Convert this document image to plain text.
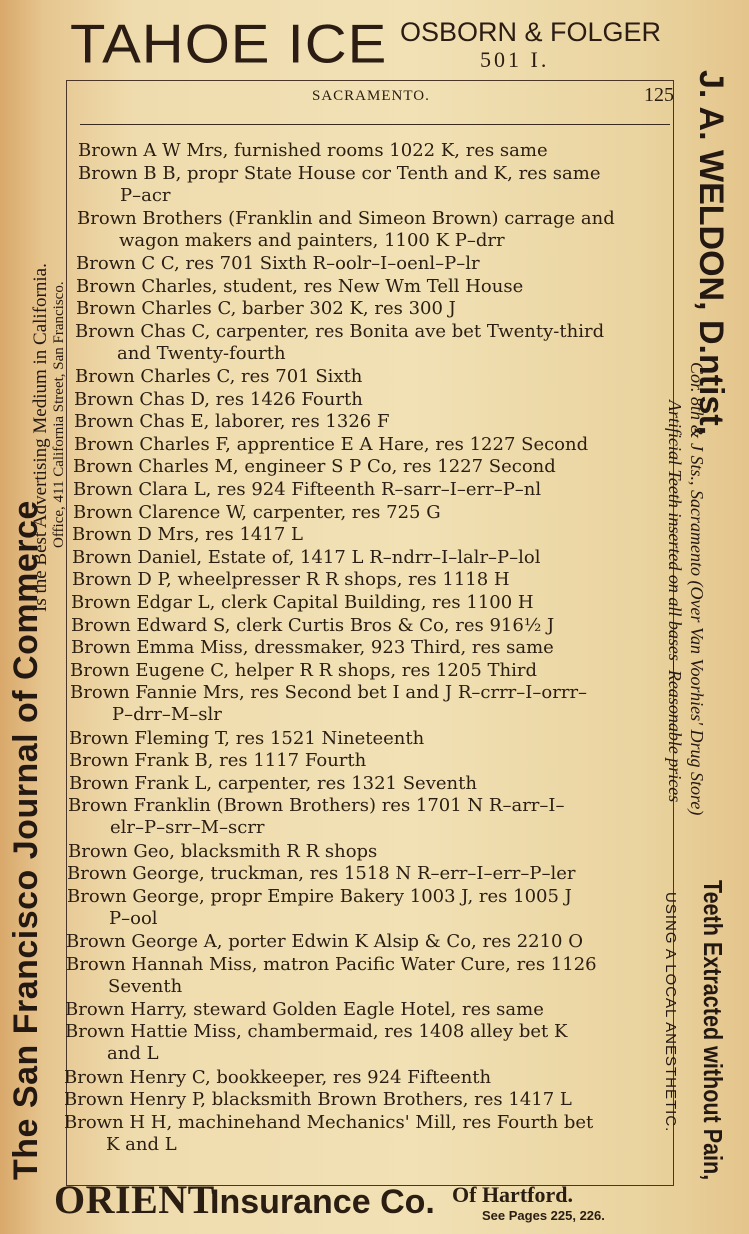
TAHOE ICE OSBORN & FOLGER
501 I.
SACRAMENTO.	125
Brown A W Mrs, furnished rooms 1022 K, res same
Brown B B, propr State House cor Tenth and K, res same
P–acr
Brown Brothers (Franklin and Simeon Brown) carrage and
wagon makers and painters, 1100 K P–drr
Brown C C, res 701 Sixth R–oolr–I–oenl–P–lr
Brown Charles, student, res New Wm Tell House
Brown Charles C, barber 302 K, res 300 J
Brown Chas C, carpenter, res Bonita ave bet Twenty-third
and Twenty-fourth
Brown Charles C, res 701 Sixth
Brown Chas D, res 1426 Fourth
Brown Chas E, laborer, res 1326 F
Brown Charles F, apprentice E A Hare, res 1227 Second
Brown Charles M, engineer S P Co, res 1227 Second
Brown Clara L, res 924 Fifteenth R–sarr–I–err–P–nl
Brown Clarence W, carpenter, res 725 G
Brown D Mrs, res 1417 L
Brown Daniel, Estate of, 1417 L R–ndrr–I–lalr–P–lol
Brown D P, wheelpresser R R shops, res 1118 H
Brown Edgar L, clerk Capital Building, res 1100 H
Brown Edward S, clerk Curtis Bros & Co, res 916½ J
Brown Emma Miss, dressmaker, 923 Third, res same
Brown Eugene C, helper R R shops, res 1205 Third
Brown Fannie Mrs, res Second bet I and J R–crrr–I–orrr–
P–drr–M–slr
Brown Fleming T, res 1521 Nineteenth
Brown Frank B, res 1117 Fourth
Brown Frank L, carpenter, res 1321 Seventh
Brown Franklin (Brown Brothers) res 1701 N R–arr–I–
elr–P–srr–M–scrr
Brown Geo, blacksmith R R shops
Brown George, truckman, res 1518 N R–err–I–err–P–ler
Brown George, propr Empire Bakery 1003 J, res 1005 J
P–ool
Brown George A, porter Edwin K Alsip & Co, res 2210 O
Brown Hannah Miss, matron Pacific Water Cure, res 1126
Seventh
Brown Harry, steward Golden Eagle Hotel, res same
Brown Hattie Miss, chambermaid, res 1408 alley bet K
and L
Brown Henry C, bookkeeper, res 924 Fifteenth
Brown Henry P, blacksmith Brown Brothers, res 1417 L
Brown H H, machinehand Mechanics' Mill, res Fourth bet
K and L
The San Francisco Journal of Commerce
Is the Best Advertising Medium in California. Office, 411 California Street, San Francisco.	J. A. WELDON, D.ntist,
Cor. 8th & J Sts., Sacramento (Over Van Voorhies' Drug Store)
Artificial Teeth inserted on all bases–Reasonable prices
Teeth Extracted without Pain,
USING A LOCAL ANESTHETIC.
ORIENT
Insurance Co. Of Hartford.
See Pages 225, 226.
